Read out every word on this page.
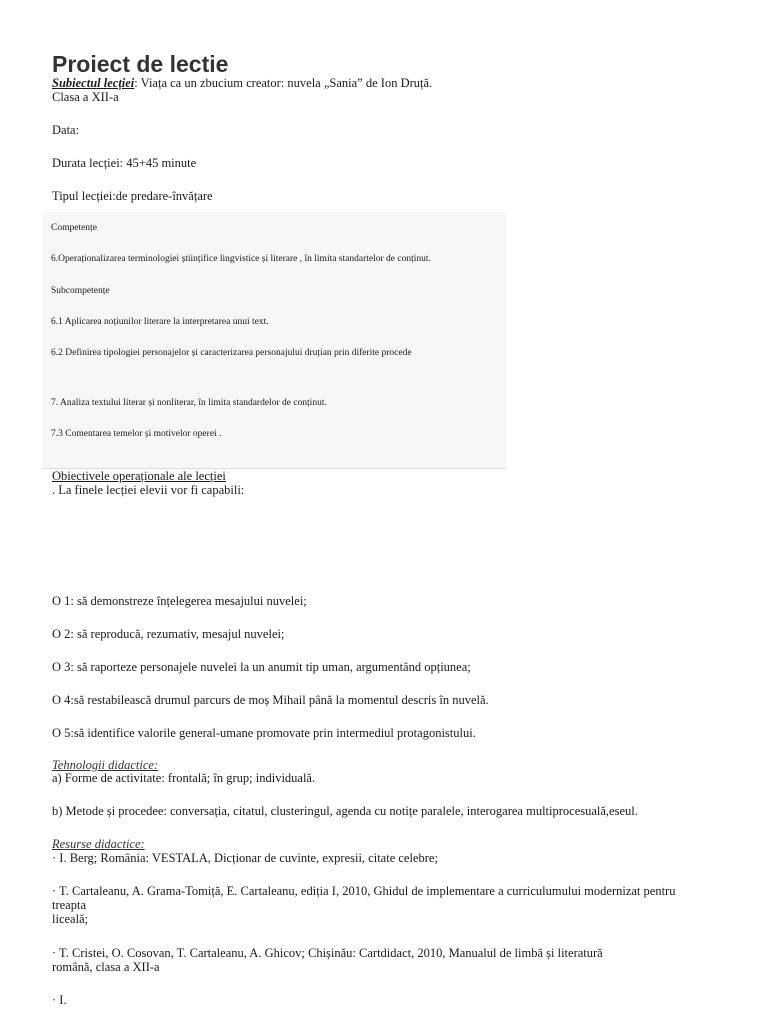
Proiect de lectie
Subiectul lecției: Viața ca un zbucium creator: nuvela „Sania” de Ion Druță.
Clasa a XII-a
Data:
Durata lecției: 45+45 minute
Tipul lecției:de predare-învățare
Competențe
6.Operaționalizarea terminologiei științifice lingvistice și literare , în limita standartelor de conținut.
Subcompetențe
6.1 Aplicarea noțiunilor literare la interpretarea unui text.
6.2 Definirea tipologiei personajelor și caracterizarea personajului druțian prin diferite procede
7. Analiza textului literar și nonliterar, în limita standardelor de conținut.
7.3 Comentarea temelor și motivelor operei .
Obiectivele operaționale ale lecției
. La finele lecției elevii vor fi capabili:
O 1: să demonstreze înțelegerea mesajului nuvelei;
O 2: să reproducă, rezumativ, mesajul nuvelei;
O 3: să raporteze personajele nuvelei la un anumit tip uman, argumentând opțiunea;
O 4:să restabilească drumul parcurs de moș Mihail până la momentul descris în nuvelă.
O 5:să identifice valorile general-umane promovate prin intermediul protagonistului.
Tehnologii didactice:
a) Forme de activitate: frontală; în grup; individuală.
b) Metode și procedee: conversația, citatul, clusteringul, agenda cu notițe paralele, interogarea multiprocesuală,eseul.
Resurse didactice:
· I. Berg; România: VESTALA, Dicționar de cuvinte, expresii, citate celebre;
· T. Cartaleanu, A. Grama-Tomiță, E. Cartaleanu, ediția I, 2010, Ghidul de implementare a curriculumului modernizat pentru
treapta
liceală;
· T. Cristei, O. Cosovan, T. Cartaleanu, A. Ghicov; Chișinău: Cartdidact, 2010, Manualul de limbă și literatură
română, clasa a XII-a
· I.
